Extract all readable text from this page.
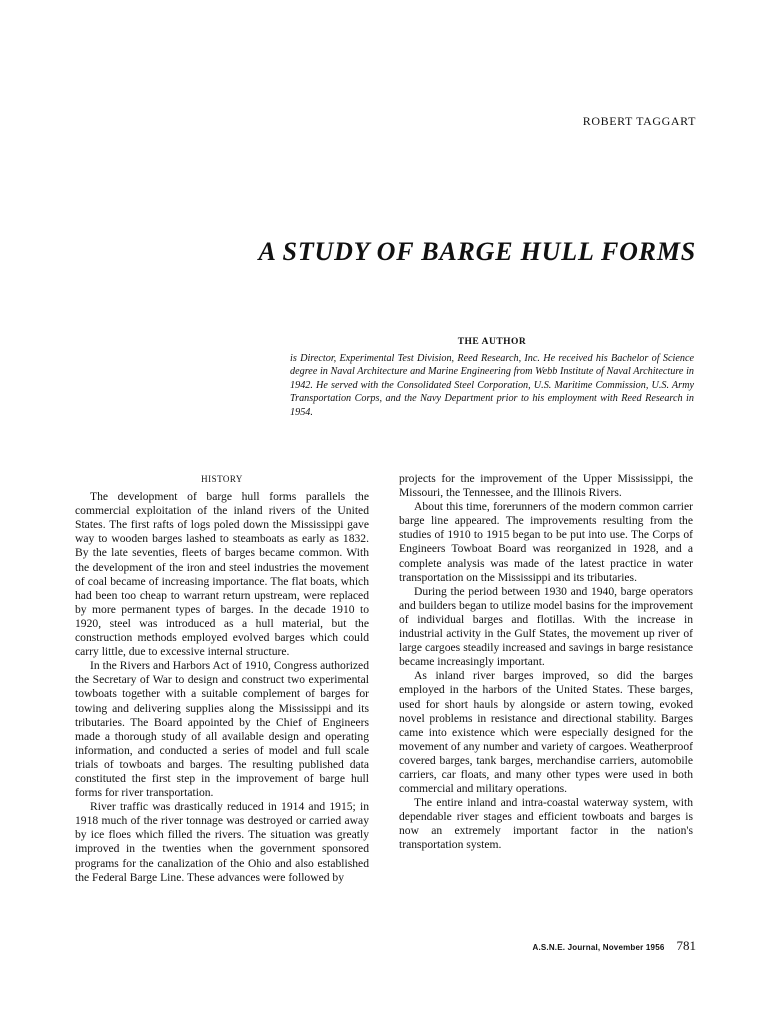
ROBERT TAGGART
A STUDY OF BARGE HULL FORMS
THE AUTHOR

is Director, Experimental Test Division, Reed Research, Inc. He received his Bachelor of Science degree in Naval Architecture and Marine Engineering from Webb Institute of Naval Architecture in 1942. He served with the Consolidated Steel Corporation, U.S. Maritime Commission, U.S. Army Transportation Corps, and the Navy Department prior to his employment with Reed Research in 1954.

HISTORY

The development of barge hull forms parallels the commercial exploitation of the inland rivers of the United States. The first rafts of logs poled down the Mississippi gave way to wooden barges lashed to steamboats as early as 1832. By the late seventies, fleets of barges became common. With the development of the iron and steel industries the movement of coal became of increasing importance. The flat boats, which had been too cheap to warrant return upstream, were replaced by more permanent types of barges. In the decade 1910 to 1920, steel was introduced as a hull material, but the construction methods employed evolved barges which could carry little, due to excessive internal structure.

In the Rivers and Harbors Act of 1910, Congress authorized the Secretary of War to design and construct two experimental towboats together with a suitable complement of barges for towing and delivering supplies along the Mississippi and its tributaries. The Board appointed by the Chief of Engineers made a thorough study of all available design and operating information, and conducted a series of model and full scale trials of towboats and barges. The resulting published data constituted the first step in the improvement of barge hull forms for river transportation.

River traffic was drastically reduced in 1914 and 1915; in 1918 much of the river tonnage was destroyed or carried away by ice floes which filled the rivers. The situation was greatly improved in the twenties when the government sponsored programs for the canalization of the Ohio and also established the Federal Barge Line. These advances were followed by

projects for the improvement of the Upper Mississippi, the Missouri, the Tennessee, and the Illinois Rivers.

About this time, forerunners of the modern common carrier barge line appeared. The improvements resulting from the studies of 1910 to 1915 began to be put into use. The Corps of Engineers Towboat Board was reorganized in 1928, and a complete analysis was made of the latest practice in water transportation on the Mississippi and its tributaries.

During the period between 1930 and 1940, barge operators and builders began to utilize model basins for the improvement of individual barges and flotillas. With the increase in industrial activity in the Gulf States, the movement up river of large cargoes steadily increased and savings in barge resistance became increasingly important.

As inland river barges improved, so did the barges employed in the harbors of the United States. These barges, used for short hauls by alongside or astern towing, evoked novel problems in resistance and directional stability. Barges came into existence which were especially designed for the movement of any number and variety of cargoes. Weatherproof covered barges, tank barges, merchandise carriers, automobile carriers, car floats, and many other types were used in both commercial and military operations.

The entire inland and intra-coastal waterway system, with dependable river stages and efficient towboats and barges is now an extremely important factor in the nation's transportation system.

A.S.N.E. Journal, November 1956 781
